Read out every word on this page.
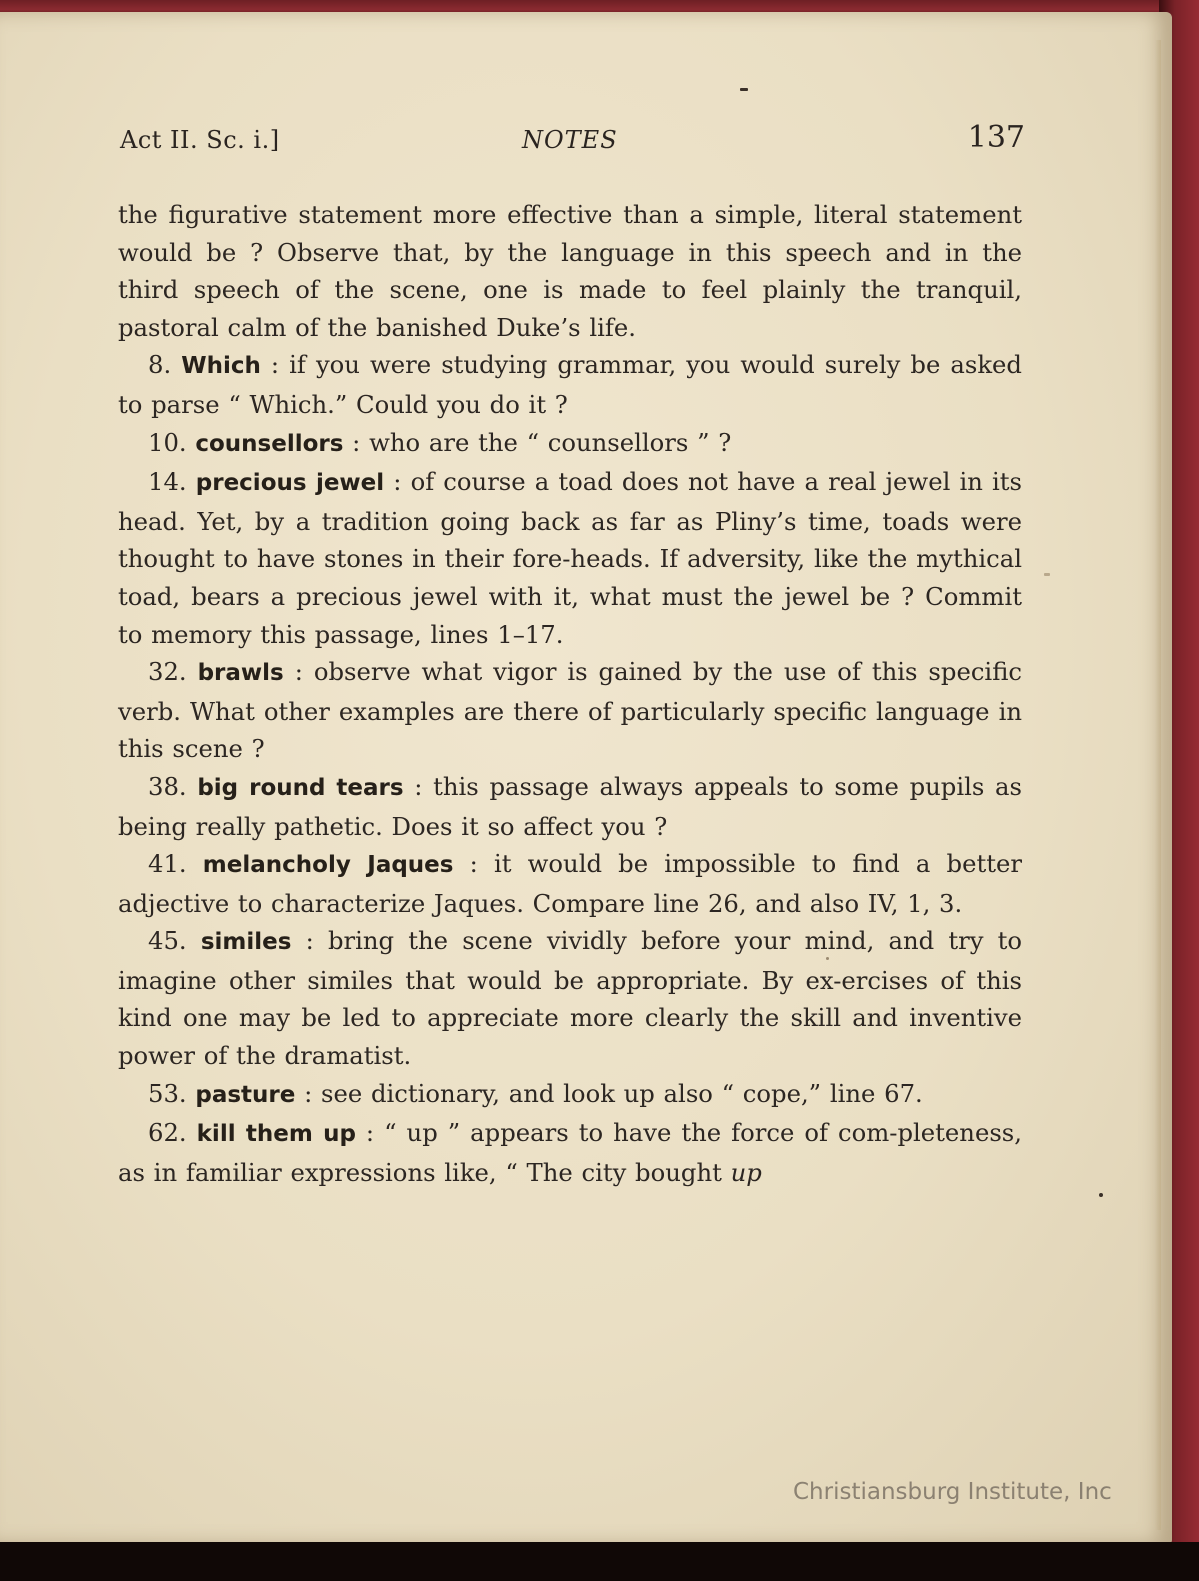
Act II. Sc. i.]	NOTES	137

the figurative statement more effective than a simple, literal statement would be ? Observe that, by the language in this speech and in the third speech of the scene, one is made to feel plainly the tranquil, pastoral calm of the banished Duke’s life.

8. Which : if you were studying grammar, you would surely be asked to parse “ Which.” Could you do it ?

10. counsellors : who are the “ counsellors ” ?

14. precious jewel : of course a toad does not have a real jewel in its head. Yet, by a tradition going back as far as Pliny’s time, toads were thought to have stones in their fore-heads. If adversity, like the mythical toad, bears a precious jewel with it, what must the jewel be ? Commit to memory this passage, lines 1–17.

32. brawls : observe what vigor is gained by the use of this specific verb. What other examples are there of particularly specific language in this scene ?

38. big round tears : this passage always appeals to some pupils as being really pathetic. Does it so affect you ?

41. melancholy Jaques : it would be impossible to find a better adjective to characterize Jaques. Compare line 26, and also IV, 1, 3.

45. similes : bring the scene vividly before your mind, and try to imagine other similes that would be appropriate. By ex-ercises of this kind one may be led to appreciate more clearly the skill and inventive power of the dramatist.

53. pasture : see dictionary, and look up also “ cope,” line 67.

62. kill them up : “ up ” appears to have the force of com-pleteness, as in familiar expressions like, “ The city bought up

Christiansburg Institute, Inc
